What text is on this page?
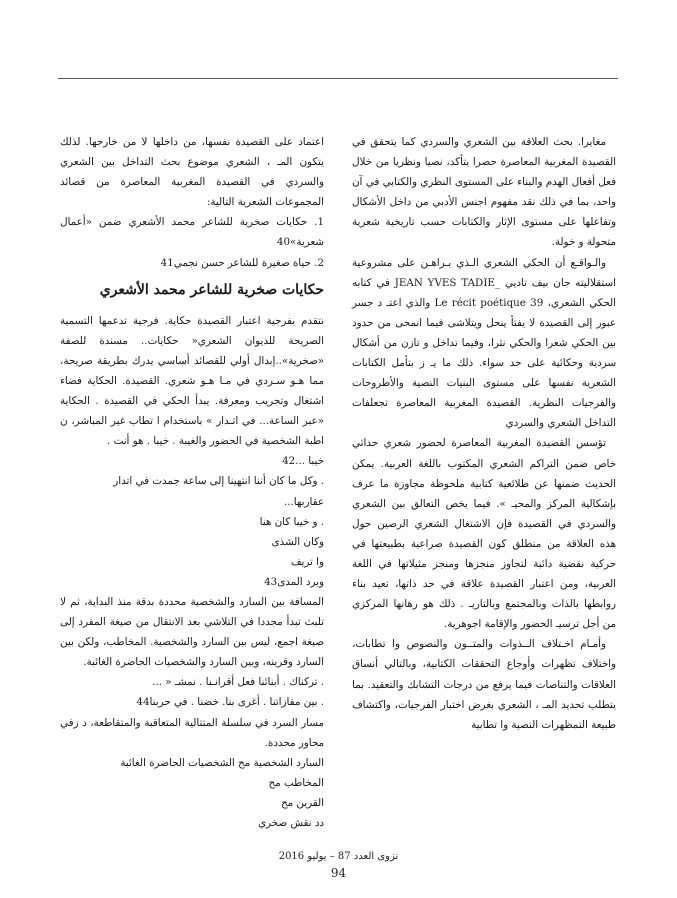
مغايرا. بحث العلاقة بين الشعري والسردي كما يتحقق في القصيدة المغربية المعاصرة حصرا يتأكد، نصيا ونظريا من خلال فعل أفعال الهدم والبناء على المستوى النظري والكتابي في آن واحد، بما في ذلك نقد مفهوم اجنس الأدبي من داخل الأشكال وتفاعلها على مستوى الإثار والكتابات حسب تاريخية شعرية متحولة و خولة.

والـواقـع أن الحكي الشعري الـذي بـراهـن على مشروعية استقلاليته جان بيف تاديي _JEAN YVES TADIE في كتابه الحكي الشعري، Le récit poétique 39 والذي اعتـ د جسر عبور إلى القصيدة لا يفتأ ينحل ويتلاشى فيما انمحى من حدود بين الحكي شعرا والحكي نثرا، وفيما تداخل و تازن من أشكال سردية وحكائية على حد سواء. ذلك ما يـ ز بتأمل الكتابات الشعرية نفسها على مستوى البنيات النصية والأطروحات والفرجيات النظرية. القصيدة المغربية المعاصرة تجعلفات التداخل الشعري والسردي

تؤسس القصيدة المغربية المعاصرة لحضور شعري حداثي خاص ضمن التراكم الشعري المكتوب باللغة العربية. يمكن الحديث ضمنها عن طلائعية كتابية ملحوظة مجاوزة ما عرف بإشكالية المركز والمحيـ ». فيما يخص التعالق بين الشعري والسردي في القصيدة فإن الاشتغال الشعري الرصين حول هذه العلاقة من منطلق كون القصيدة صراعية بطبيعتها في حركية نقضية دائبة لتجاوز منجزها ومنجز مثيلاتها في اللغة العربية، ومن اعتبار القصيدة علاقة في حد ذاتها، تعيد بناء روابطها بالذات وبالمجتمع وبالتاريـ . ذلك هو رهانها المركزي من أجل ترسيـ الحضور والإقامة اجوهرية.

وأمـام اخـتلاف الــذوات والمتــون والنصوص وا تطابات، واختلاف تظهرات وأوجاع التحققات الكتابية، وبالتالي أنساق العلاقات والتناصات فيما يرفع من درجات التشابك والتعقيد. بما يتطلب تحديد المـ ، الشعري بغرض اختبار الفرجيات، واكتشاف طبيعة التمظهرات النصية وا تطابية

اعتماد على القصيدة نفسها، من داخلها لا من خارجها. لذلك يتكون المـ ، الشعري موضوع بحث التداخل بين الشعري والسردي في القصيدة المغربية المعاصرة من قصائد المجموعات الشعرية التالية:

1. حكايات صخرية للشاعر محمد الأشعري ضمن «أعمال شعرية»40
2. حياة صغيرة للشاعر حسن نجمي41
حكايات صخرية للشاعر محمد الأشعري

نتقدم بفرجية اعتبار القصيدة حكاية. فرجية تدعمها التسمية الصريحة للديوان الشعري« حكايات.. مسندة للصفة «صخرية»..إبدال أولي للقصائد أساسي يدرك بطريقة صريحة، مما هـو سـردي في مـا هـو شعري. القصيدة. الحكاية فضاء اشتغال وتجريب ومعرفة. يبدأ الحكي في القصيدة . الحكاية «عبر الساعة... في اتـدار » باستخدام ا تطاب غير المباشر، ن اطبة الشخصية في الحضور والغيبة . خيبا . هو أنت .

خيبا ...42
. وكل ما كان أننا انتهينا إلى ساعة جمدت في اتدار
عقاربها...
. و خيبا كان هنا
وكان الشذى
وا تريف
وبرد المدى43

المسافة بين السارد والشخصية محددة بدقة منذ البداية، ثم لا تلبث تبدأ مجددا في التلاشي بعد الانتقال من صيغة المفرد إلى صيغة اجمع، ليس بين السارد والشخصية. المخاطب، ولكن بين السارد وقرينه، وبين السارد والشخصيات الحاضرة الغائبة.

. تركناك . أبنائنا فعل أقرانـنا . نمشـ « ...
. بين مفازاتنا . أغرى بنا. خضنا . في حربنا44

مسار السرد في سلسلة المتتالية المتعاقبة والمتقاطعة، د زفي محاور محددة.

السارد الشخصية مح الشخصيات الحاضرة الغائبة
المخاطب مح
القرين مح
دد نقش صخري
نزوى العدد 87 – يوليو 2016
94
